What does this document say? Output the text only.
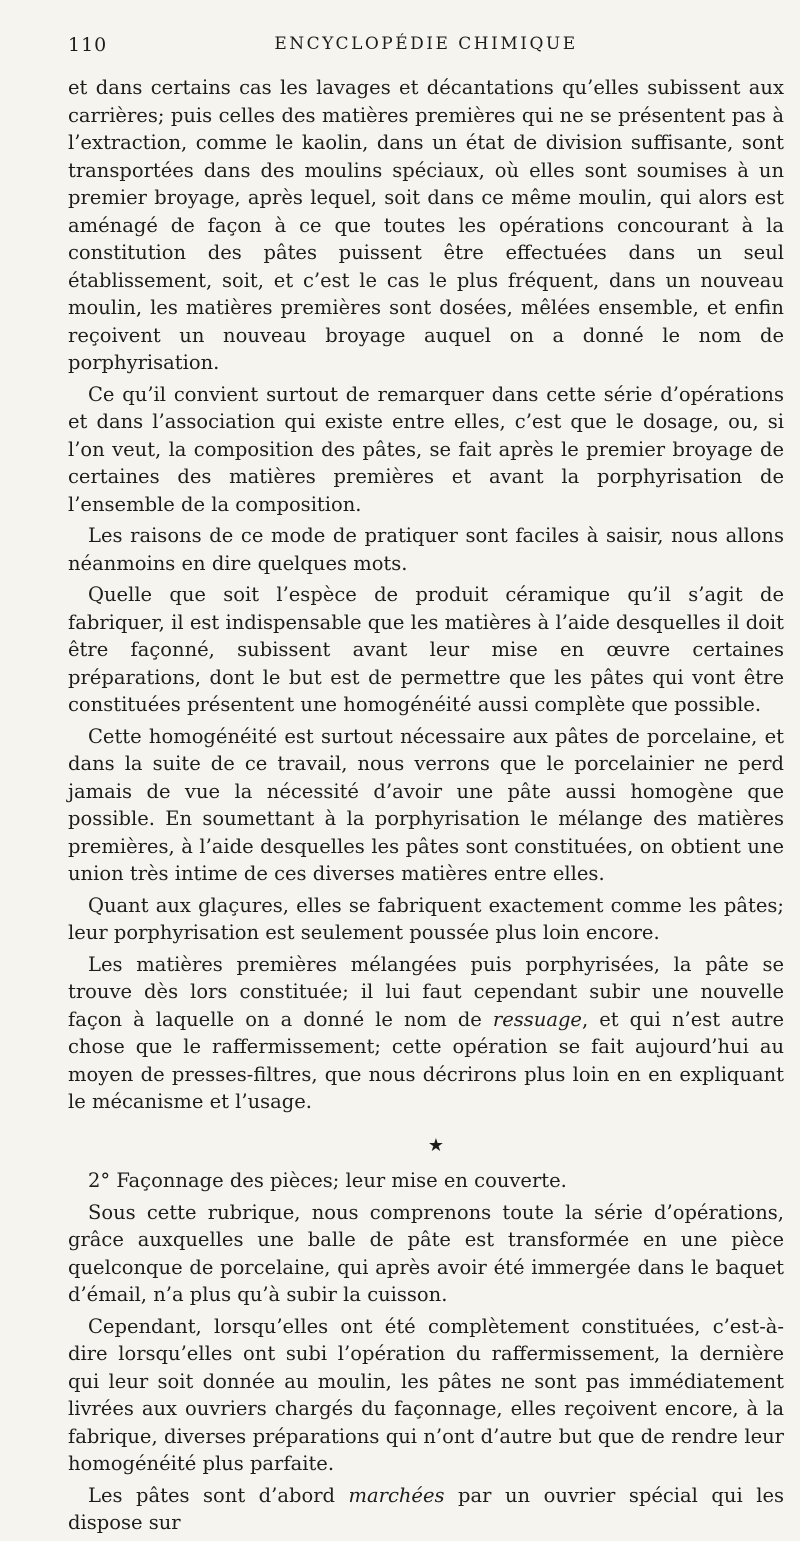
110	ENCYCLOPÉDIE CHIMIQUE

et dans certains cas les lavages et décantations qu’elles subissent aux carrières; puis celles des matières premières qui ne se présentent pas à l’extraction, comme le kaolin, dans un état de division suffisante, sont transportées dans des moulins spéciaux, où elles sont soumises à un premier broyage, après lequel, soit dans ce même moulin, qui alors est aménagé de façon à ce que toutes les opérations concourant à la constitution des pâtes puissent être effectuées dans un seul établissement, soit, et c’est le cas le plus fréquent, dans un nouveau moulin, les matières premières sont dosées, mêlées ensemble, et enfin reçoivent un nouveau broyage auquel on a donné le nom de porphyrisation.

Ce qu’il convient surtout de remarquer dans cette série d’opérations et dans l’association qui existe entre elles, c’est que le dosage, ou, si l’on veut, la composition des pâtes, se fait après le premier broyage de certaines des matières premières et avant la porphyrisation de l’ensemble de la composition.

Les raisons de ce mode de pratiquer sont faciles à saisir, nous allons néanmoins en dire quelques mots.

Quelle que soit l’espèce de produit céramique qu’il s’agit de fabriquer, il est indispensable que les matières à l’aide desquelles il doit être façonné, subissent avant leur mise en œuvre certaines préparations, dont le but est de permettre que les pâtes qui vont être constituées présentent une homogénéité aussi complète que possible.

Cette homogénéité est surtout nécessaire aux pâtes de porcelaine, et dans la suite de ce travail, nous verrons que le porcelainier ne perd jamais de vue la nécessité d’avoir une pâte aussi homogène que possible. En soumettant à la porphyrisation le mélange des matières premières, à l’aide desquelles les pâtes sont constituées, on obtient une union très intime de ces diverses matières entre elles.

Quant aux glaçures, elles se fabriquent exactement comme les pâtes; leur porphyrisation est seulement poussée plus loin encore.

Les matières premières mélangées puis porphyrisées, la pâte se trouve dès lors constituée; il lui faut cependant subir une nouvelle façon à laquelle on a donné le nom de ressuage, et qui n’est autre chose que le raffermissement; cette opération se fait aujourd’hui au moyen de presses-filtres, que nous décrirons plus loin en en expliquant le mécanisme et l’usage.

★

2° Façonnage des pièces; leur mise en couverte.

Sous cette rubrique, nous comprenons toute la série d’opérations, grâce auxquelles une balle de pâte est transformée en une pièce quelconque de porcelaine, qui après avoir été immergée dans le baquet d’émail, n’a plus qu’à subir la cuisson.

Cependant, lorsqu’elles ont été complètement constituées, c’est-à-dire lorsqu’elles ont subi l’opération du raffermissement, la dernière qui leur soit donnée au moulin, les pâtes ne sont pas immédiatement livrées aux ouvriers chargés du façonnage, elles reçoivent encore, à la fabrique, diverses préparations qui n’ont d’autre but que de rendre leur homogénéité plus parfaite.

Les pâtes sont d’abord marchées par un ouvrier spécial qui les dispose sur
